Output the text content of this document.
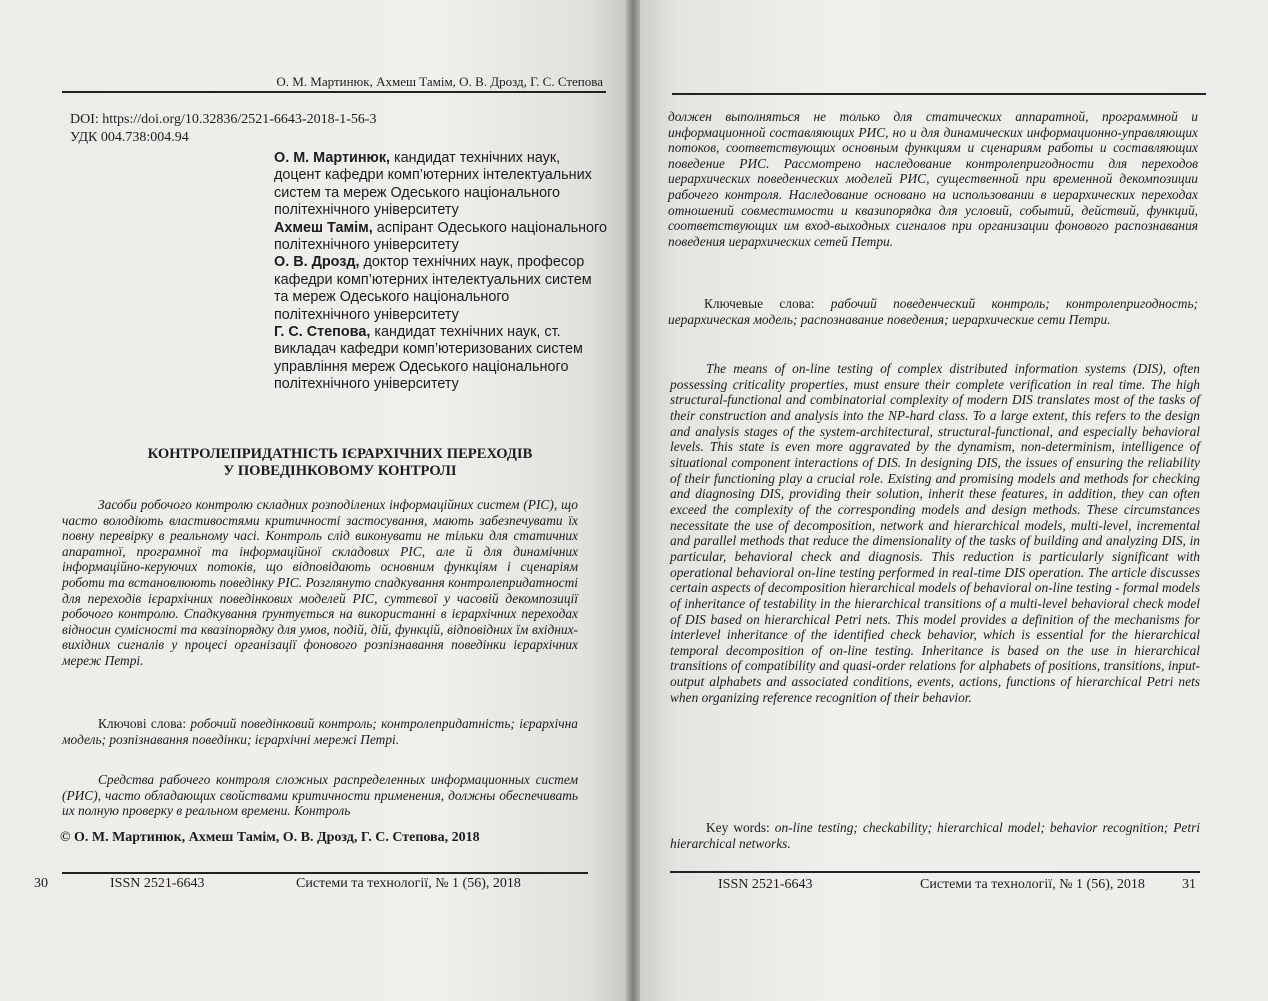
О. М. Мартинюк, Ахмеш Тамім, О. В. Дрозд, Г. С. Степова
DOI: https://doi.org/10.32836/2521-6643-2018-1-56-3
УДК 004.738:004.94

О. М. Мартинюк, кандидат технічних наук, доцент кафедри комп’ютерних інтелектуальних систем та мереж Одеського національного політехнічного університету

Ахмеш Тамім, аспірант Одеського національного політехнічного університету

О. В. Дрозд, доктор технічних наук, професор кафедри комп’ютерних інтелектуальних систем та мереж Одеського національного політехнічного університету

Г. С. Степова, кандидат технічних наук, ст. викладач кафедри комп’ютеризованих систем управління мереж Одеського національного політехнічного університету

КОНТРОЛЕПРИДАТНІСТЬ ІЄРАРХІЧНИХ ПЕРЕХОДІВ
У ПОВЕДІНКОВОМУ КОНТРОЛІ

Засоби робочого контролю складних розподілених інформаційних систем (РІС), що часто володіють властивостями критичності застосування, мають забезпечувати їх повну перевірку в реальному часі. Контроль слід виконувати не тільки для статичних апаратної, програмної та інформаційної складових РІС, але й для динамічних інформаційно-керуючих потоків, що відповідають основним функціям і сценаріям роботи та встановлюють поведінку РІС. Розглянуто спадкування контролепридатності для переходів ієрархічних поведінкових моделей РІС, суттєвої у часовій декомпозиції робочого контролю. Спадкування ґрунтується на використанні в ієрархічних переходах відносин сумісності та квазіпорядку для умов, подій, дій, функцій, відповідних їм вхідних-вихідних сигналів у процесі організації фонового розпізнавання поведінки ієрархічних мереж Петрі.

Ключові слова: робочий поведінковий контроль; контролепридатність; ієрархічна модель; розпізнавання поведінки; ієрархічні мережі Петрі.

Средства рабочего контроля сложных распределенных информационных систем (РИС), часто обладающих свойствами критичности применения, должны обеспечивать их полную проверку в реальном времени. Контроль

© О. М. Мартинюк, Ахмеш Тамім, О. В. Дрозд, Г. С. Степова, 2018
30	ISSN 2521-6643	Системи та технології, № 1 (56), 2018

должен выполняться не только для статических аппаратной, программной и информационной составляющих РИС, но и для динамических информационно-управляющих потоков, соответствующих основным функциям и сценариям работы и составляющих поведение РИС. Рассмотрено наследование контролепригодности для переходов иерархических поведенческих моделей РИС, существенной при временной декомпозиции рабочего контроля. Наследование основано на использовании в иерархических переходах отношений совместимости и квазипорядка для условий, событий, действий, функций, соответствующих им вход-выходных сигналов при организации фонового распознавания поведения иерархических сетей Петри.

Ключевые слова: рабочий поведенческий контроль; контролепригодность; иерархическая модель; распознавание поведения; иерархические сети Петри.

The means of on-line testing of complex distributed information systems (DIS), often possessing criticality properties, must ensure their complete verification in real time. The high structural-functional and combinatorial complexity of modern DIS translates most of the tasks of their construction and analysis into the NP-hard class. To a large extent, this refers to the design and analysis stages of the system-architectural, structural-functional, and especially behavioral levels. This state is even more aggravated by the dynamism, non-determinism, intelligence of situational component interactions of DIS. In designing DIS, the issues of ensuring the reliability of their functioning play a crucial role. Existing and promising models and methods for checking and diagnosing DIS, providing their solution, inherit these features, in addition, they can often exceed the complexity of the corresponding models and design methods. These circumstances necessitate the use of decomposition, network and hierarchical models, multi-level, incremental and parallel methods that reduce the dimensionality of the tasks of building and analyzing DIS, in particular, behavioral check and diagnosis. This reduction is particularly significant with operational behavioral on-line testing performed in real-time DIS operation. The article discusses certain aspects of decomposition hierarchical models of behavioral on-line testing - formal models of inheritance of testability in the hierarchical transitions of a multi-level behavioral check model of DIS based on hierarchical Petri nets. This model provides a definition of the mechanisms for interlevel inheritance of the identified check behavior, which is essential for the hierarchical temporal decomposition of on-line testing. Inheritance is based on the use in hierarchical transitions of compatibility and quasi-order relations for alphabets of positions, transitions, input-output alphabets and associated conditions, events, actions, functions of hierarchical Petri nets when organizing reference recognition of their behavior.

Key words: on-line testing; checkability; hierarchical model; behavior recognition; Petri hierarchical networks.

ISSN 2521-6643	Системи та технології, № 1 (56), 2018	31
